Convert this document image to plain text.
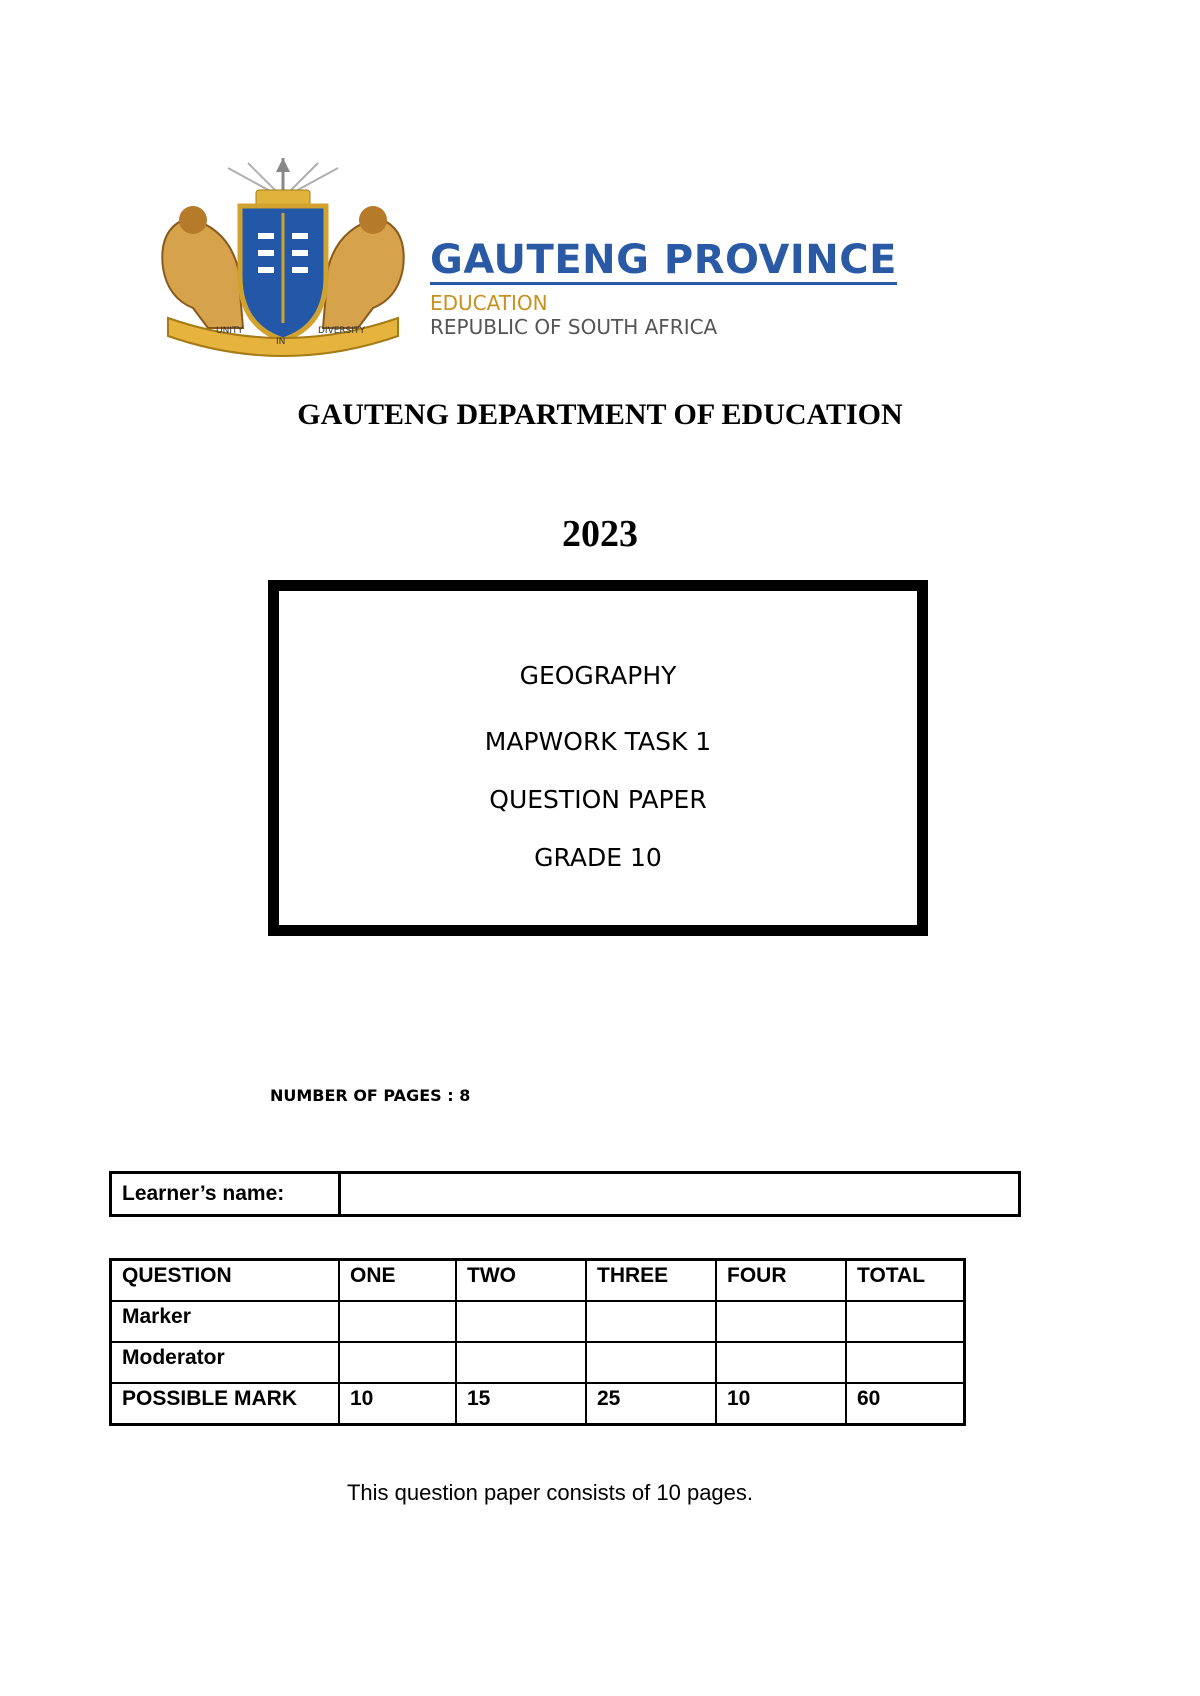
UNITY
IN
DIVERSITY
GAUTENG PROVINCE
EDUCATION
REPUBLIC OF SOUTH AFRICA
GAUTENG DEPARTMENT OF EDUCATION
2023
GEOGRAPHY
MAPWORK TASK 1
QUESTION PAPER
GRADE 10
NUMBER OF PAGES : 8
Learner’s name:	
QUESTION	ONE	TWO	THREE	FOUR	TOTAL
Marker					
Moderator					
POSSIBLE MARK	10	15	25	10	60
This question paper consists of 10 pages.
